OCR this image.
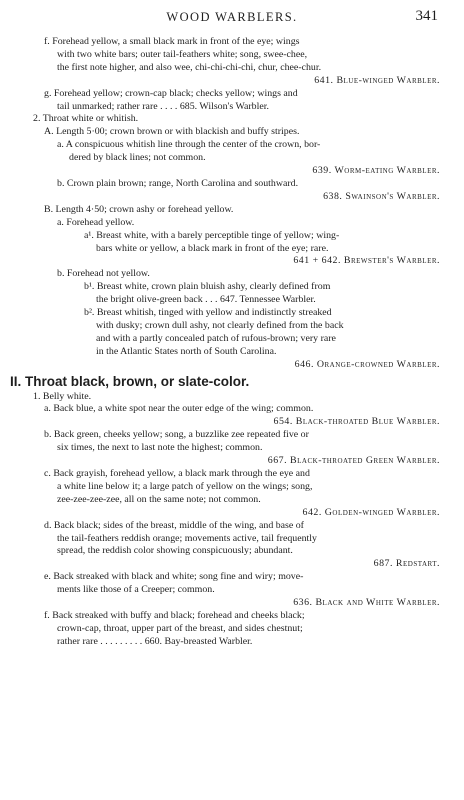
WOOD WARBLERS.	341
f. Forehead yellow, a small black mark in front of the eye; wings
with two white bars; outer tail-feathers white; song, swee-chee,
the first note higher, and also wee, chi-chi-chi-chi, chur, chee-chur.
641. Blue-winged Warbler.
g. Forehead yellow; crown-cap black; checks yellow; wings and
tail unmarked; rather rare . . . . 685. Wilson's Warbler.
2. Throat white or whitish.
A. Length 5·00; crown brown or with blackish and buffy stripes.
a. A conspicuous whitish line through the center of the crown, bor-
dered by black lines; not common.
639. Worm-eating Warbler.
b. Crown plain brown; range, North Carolina and southward.
638. Swainson's Warbler.
B. Length 4·50; crown ashy or forehead yellow.
a. Forehead yellow.
a¹. Breast white, with a barely perceptible tinge of yellow; wing-
bars white or yellow, a black mark in front of the eye; rare.
641 + 642. Brewster's Warbler.
b. Forehead not yellow.
b¹. Breast white, crown plain bluish ashy, clearly defined from
the bright olive-green back . . . 647. Tennessee Warbler.
b². Breast whitish, tinged with yellow and indistinctly streaked
with dusky; crown dull ashy, not clearly defined from the back
and with a partly concealed patch of rufous-brown; very rare
in the Atlantic States north of South Carolina.
646. Orange-crowned Warbler.
II. Throat black, brown, or slate-color.
1. Belly white.
a. Back blue, a white spot near the outer edge of the wing; common.
654. Black-throated Blue Warbler.
b. Back green, cheeks yellow; song, a buzzlike zee repeated five or
six times, the next to last note the highest; common.
667. Black-throated Green Warbler.
c. Back grayish, forehead yellow, a black mark through the eye and
a white line below it; a large patch of yellow on the wings; song,
zee-zee-zee-zee, all on the same note; not common.
642. Golden-winged Warbler.
d. Back black; sides of the breast, middle of the wing, and base of
the tail-feathers reddish orange; movements active, tail frequently
spread, the reddish color showing conspicuously; abundant.
687. Redstart.
e. Back streaked with black and white; song fine and wiry; move-
ments like those of a Creeper; common.
636. Black and White Warbler.
f. Back streaked with buffy and black; forehead and cheeks black;
crown-cap, throat, upper part of the breast, and sides chestnut;
rather rare . . . . . . . . . 660. Bay-breasted Warbler.
